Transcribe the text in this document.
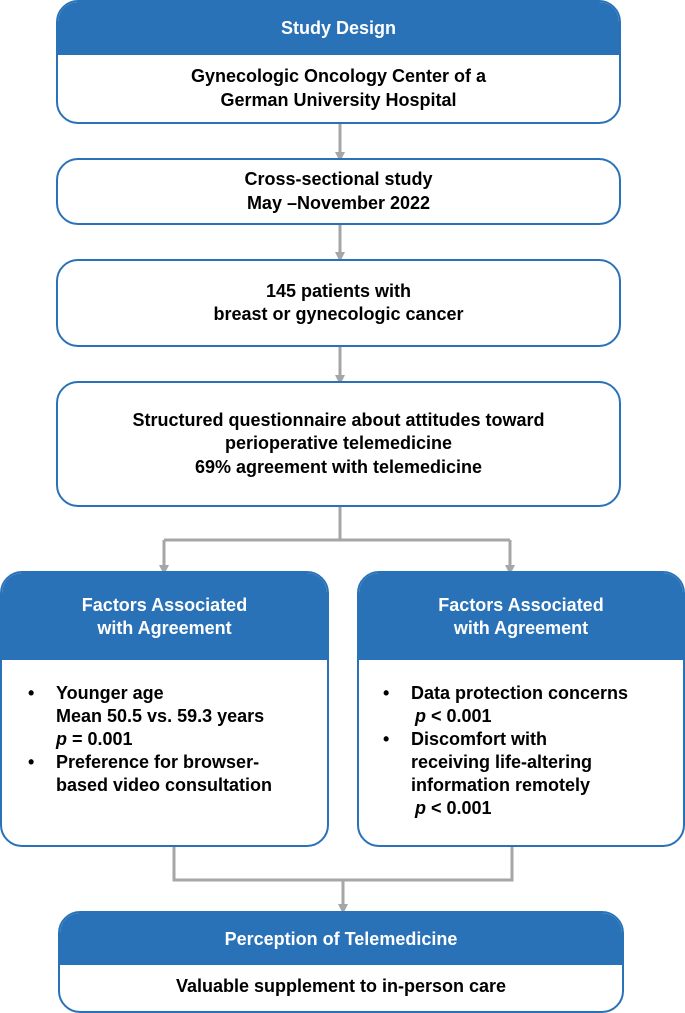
Study Design
Gynecologic Oncology Center of a
German University Hospital
Cross-sectional study
May –November 2022
145 patients with
breast or gynecologic cancer
Structured questionnaire about attitudes toward
perioperative telemedicine
69% agreement with telemedicine
Factors Associated
with Agreement
• Younger age
Mean 50.5 vs. 59.3 years
p = 0.001
• Preference for browser-
based video consultation
Factors Associated
with Agreement
• Data protection concerns
p < 0.001
• Discomfort with
receiving life-altering
information remotely
p < 0.001
Perception of Telemedicine
Valuable supplement to in-person care
